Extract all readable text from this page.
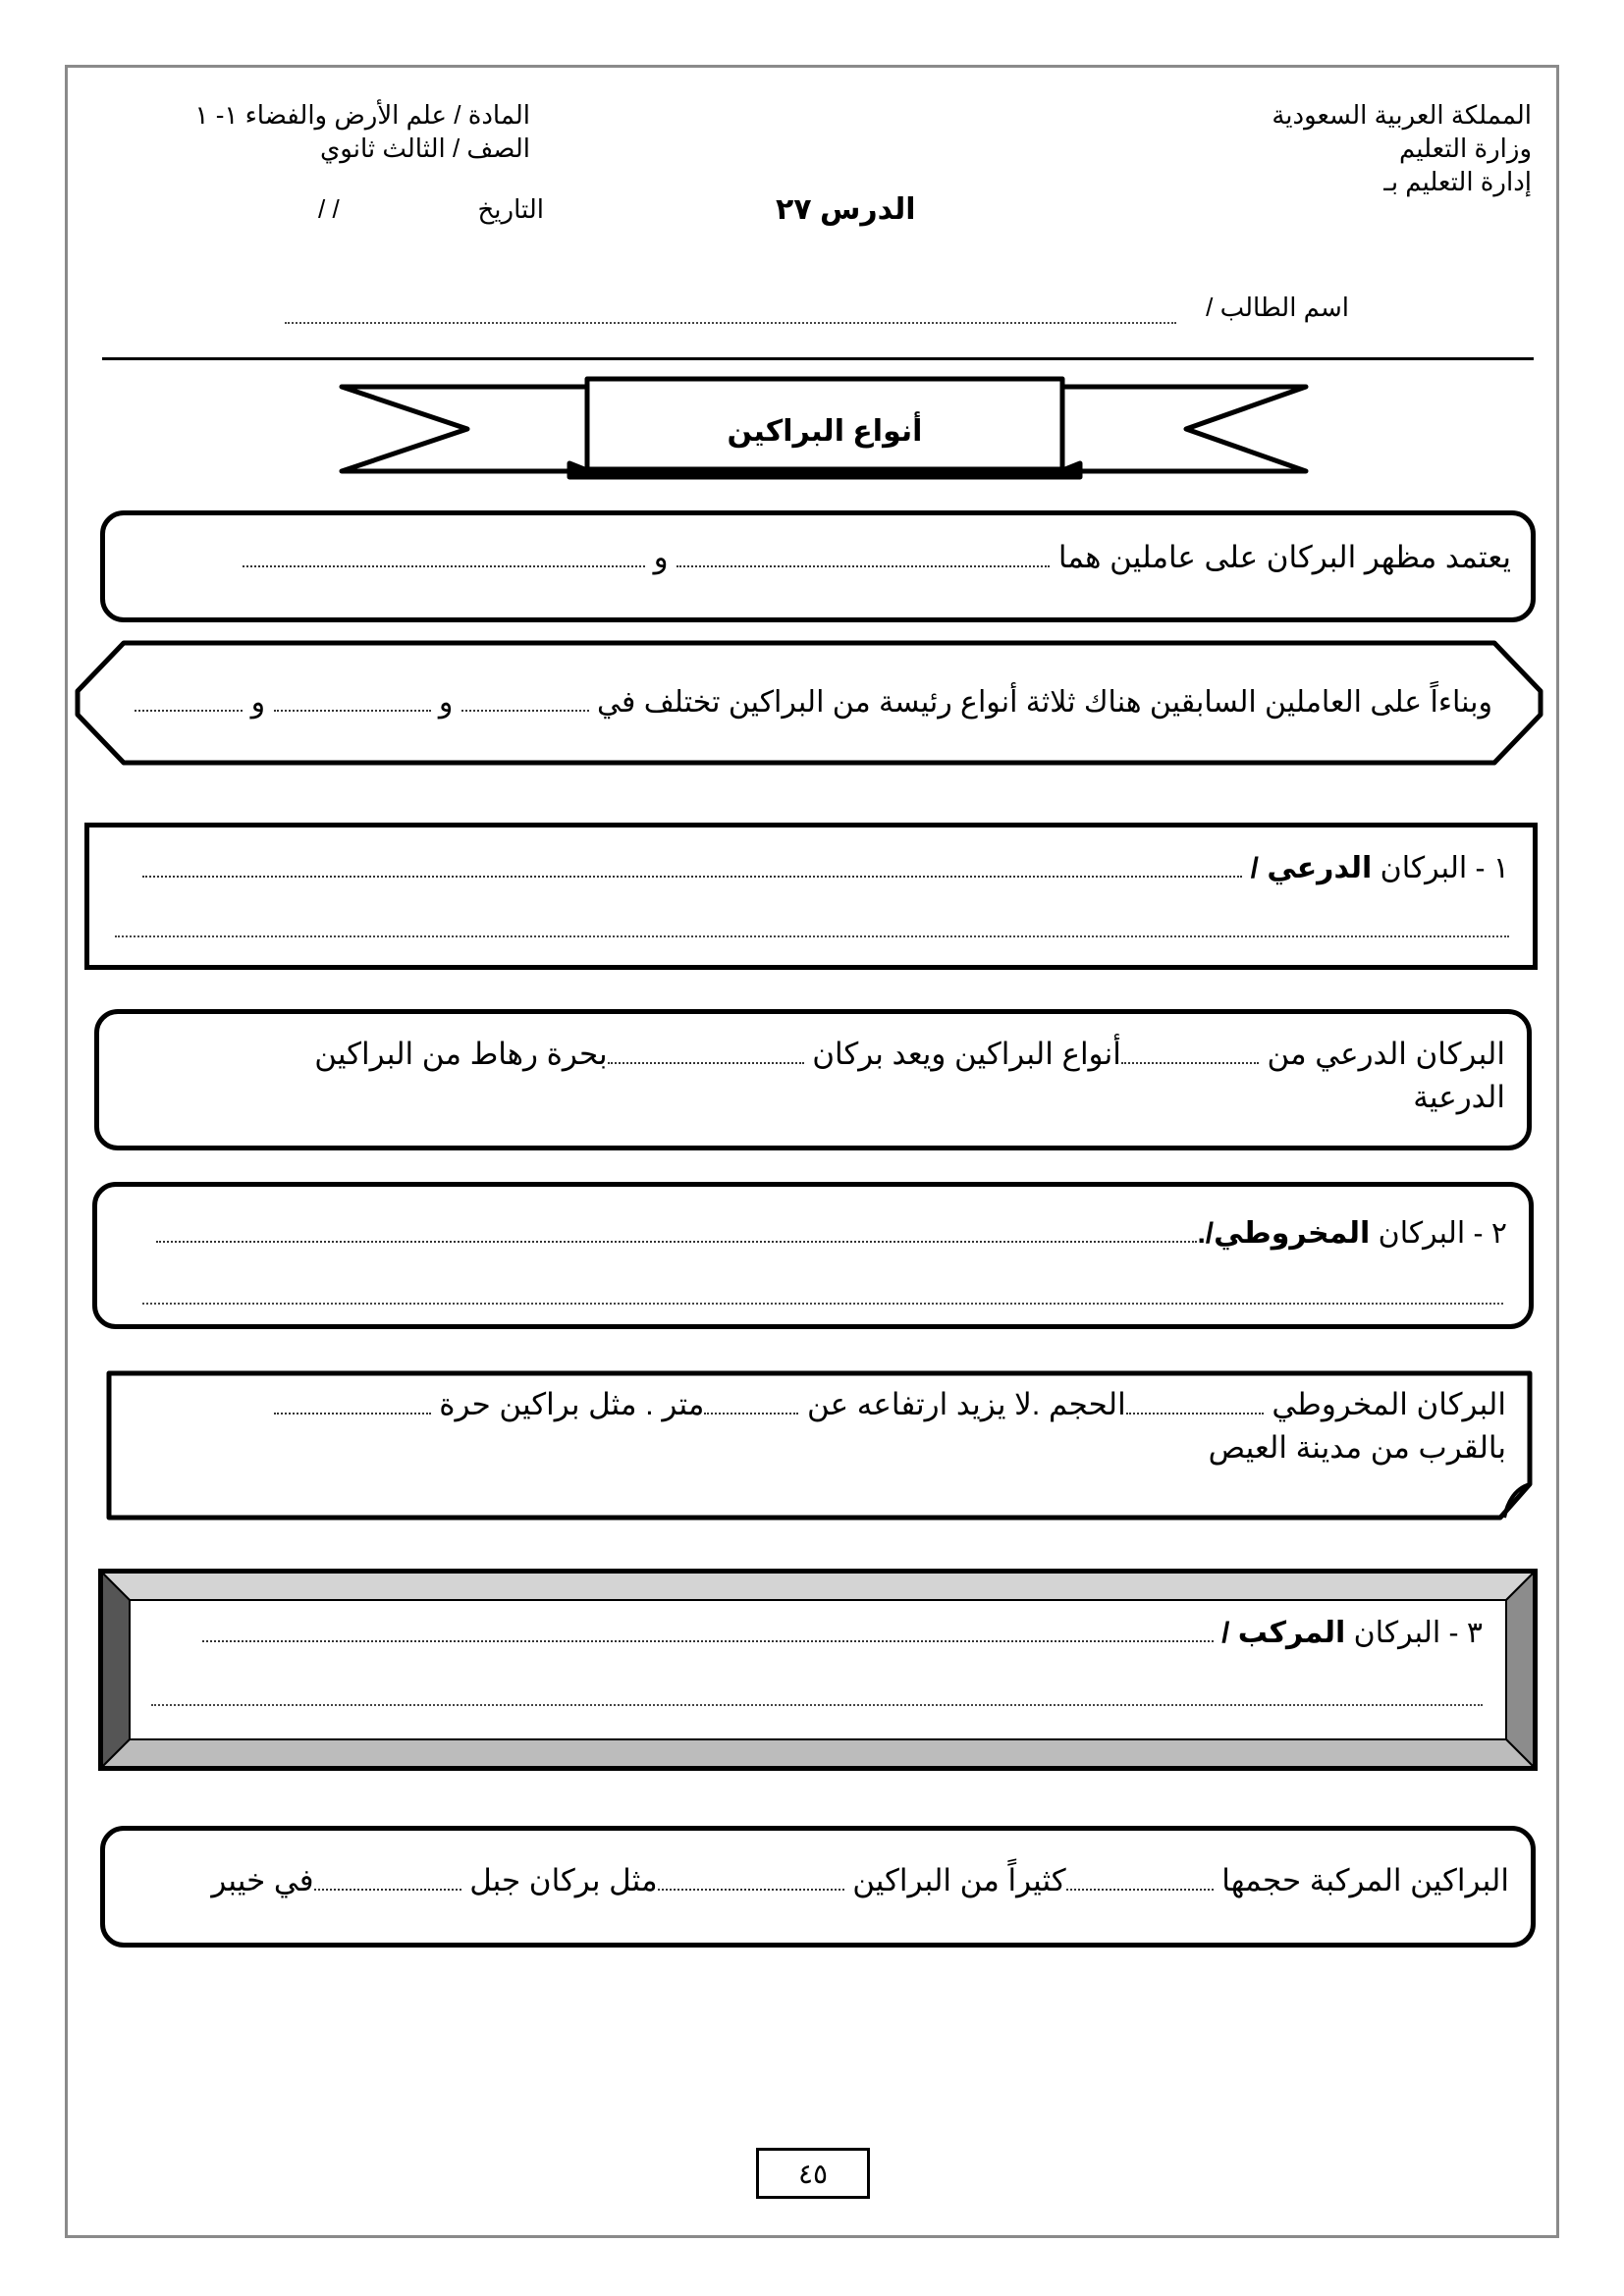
المملكة العربية السعودية
وزارة التعليم
إدارة التعليم بـ
الدرس ٢٧
المادة / علم الأرض والفضاء ١- ١
الصف / الثالث ثانوي
التاريخ
/ /
اسم الطالب /
أنواع البراكين
يعتمد مظهر البركان على عاملين هما  و
وبناءاً على العاملين السابقين هناك ثلاثة أنواع رئيسة من البراكين تختلف في  و  و
١ - البركان الدرعي /
البركان الدرعي من أنواع البراكين ويعد بركان بحرة رهاط من البراكين
الدرعية
٢ - البركان المخروطي/.
البركان المخروطي الحجم .لا يزيد ارتفاعه عن متر . مثل براكين حرة
بالقرب من مدينة العيص
٣ - البركان المركب /
البراكين المركبة حجمها كثيراً من البراكين مثل بركان جبل في خيبر
٤٥
